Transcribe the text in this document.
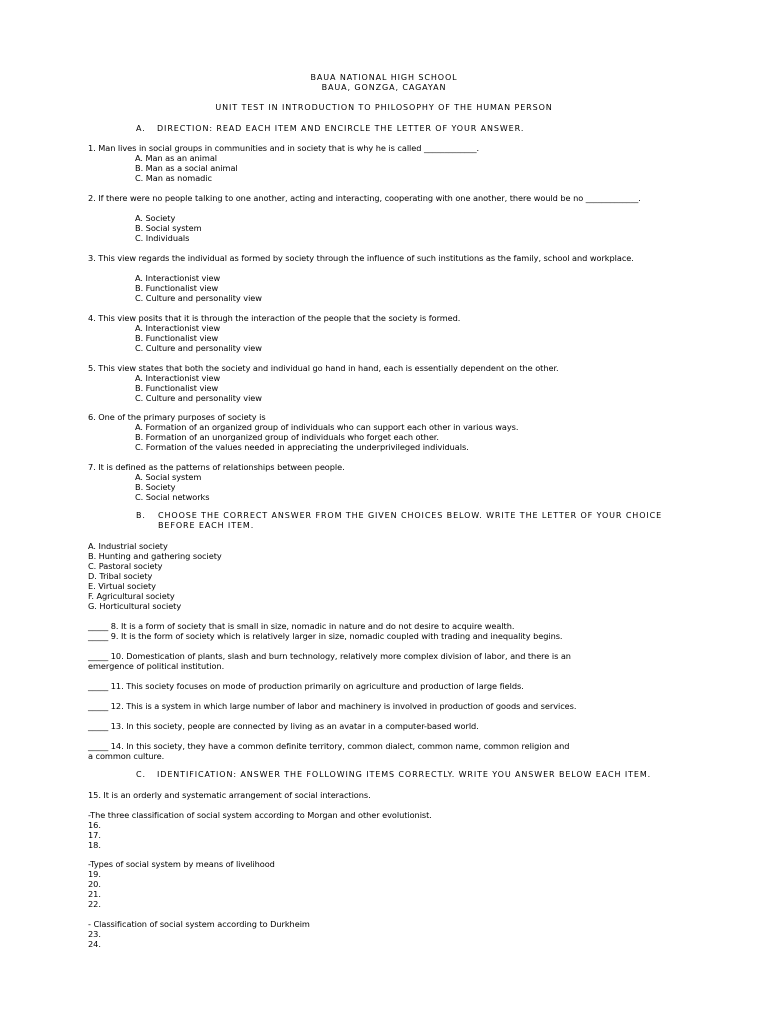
BAUA NATIONAL HIGH SCHOOL
BAUA, GONZGA, CAGAYAN
UNIT TEST IN INTRODUCTION TO PHILOSOPHY OF THE HUMAN PERSON
A. DIRECTION: READ EACH ITEM AND ENCIRCLE THE LETTER OF YOUR ANSWER.
1. Man lives in social groups in communities and in society that is why he is called _____________.
A. Man as an animal
B. Man as a social animal
C. Man as nomadic
2. If there were no people talking to one another, acting and interacting, cooperating with one another, there would be no _____________.
A. Society
B. Social system
C. Individuals
3. This view regards the individual as formed by society through the influence of such institutions as the family, school and workplace.
A. Interactionist view
B. Functionalist view
C. Culture and personality view
4. This view posits that it is through the interaction of the people that the society is formed.
A. Interactionist view
B. Functionalist view
C. Culture and personality view
5. This view states that both the society and individual go hand in hand, each is essentially dependent on the other.
A. Interactionist view
B. Functionalist view
C. Culture and personality view
6. One of the primary purposes of society is
A. Formation of an organized group of individuals who can support each other in various ways.
B. Formation of an unorganized group of individuals who forget each other.
C. Formation of the values needed in appreciating the underprivileged individuals.
7. It is defined as the patterns of relationships between people.
A. Social system
B. Society
C. Social networks
B. CHOOSE THE CORRECT ANSWER FROM THE GIVEN CHOICES BELOW. WRITE THE LETTER OF YOUR CHOICE
BEFORE EACH ITEM.
A. Industrial society
B. Hunting and gathering society
C. Pastoral society
D. Tribal society
E. Virtual society
F. Agricultural society
G. Horticultural society
_____ 8. It is a form of society that is small in size, nomadic in nature and do not desire to acquire wealth.
_____ 9. It is the form of society which is relatively larger in size, nomadic coupled with trading and inequality begins.
_____ 10. Domestication of plants, slash and burn technology, relatively more complex division of labor, and there is an
emergence of political institution.
_____ 11. This society focuses on mode of production primarily on agriculture and production of large fields.
_____ 12. This is a system in which large number of labor and machinery is involved in production of goods and services.
_____ 13. In this society, people are connected by living as an avatar in a computer-based world.
_____ 14. In this society, they have a common definite territory, common dialect, common name, common religion and
a common culture.
C. IDENTIFICATION: ANSWER THE FOLLOWING ITEMS CORRECTLY. WRITE YOU ANSWER BELOW EACH ITEM.
15. It is an orderly and systematic arrangement of social interactions.
-The three classification of social system according to Morgan and other evolutionist.
16.
17.
18.
-Types of social system by means of livelihood
19.
20.
21.
22.
- Classification of social system according to Durkheim
23.
24.
